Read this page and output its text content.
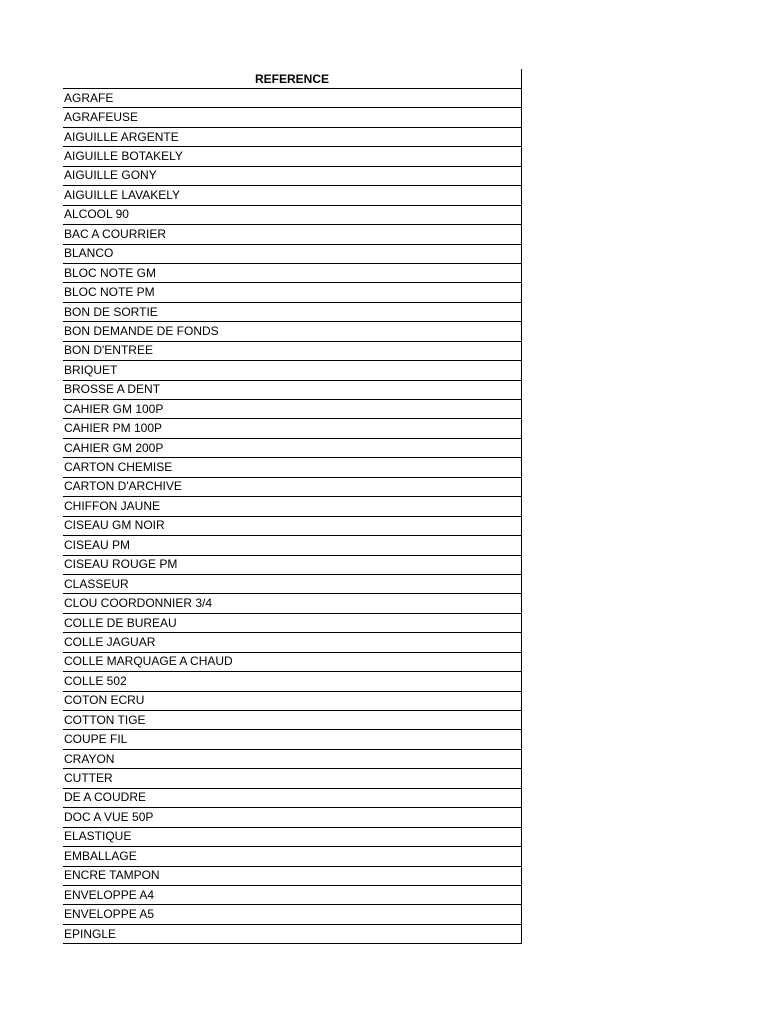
REFERENCE
AGRAFE
AGRAFEUSE
AIGUILLE ARGENTE
AIGUILLE BOTAKELY
AIGUILLE GONY
AIGUILLE LAVAKELY
ALCOOL 90
BAC A COURRIER
BLANCO
BLOC NOTE GM
BLOC NOTE PM
BON DE SORTIE
BON DEMANDE DE FONDS
BON D'ENTREE
BRIQUET
BROSSE A DENT
CAHIER GM 100P
CAHIER PM 100P
CAHIER GM 200P
CARTON CHEMISE
CARTON D'ARCHIVE
CHIFFON JAUNE
CISEAU GM NOIR
CISEAU PM
CISEAU ROUGE PM
CLASSEUR
CLOU COORDONNIER 3/4
COLLE DE BUREAU
COLLE JAGUAR
COLLE MARQUAGE A CHAUD
COLLE 502
COTON ECRU
COTTON TIGE
COUPE FIL
CRAYON
CUTTER
DE A COUDRE
DOC A VUE 50P
ELASTIQUE
EMBALLAGE
ENCRE TAMPON
ENVELOPPE A4
ENVELOPPE A5
EPINGLE
